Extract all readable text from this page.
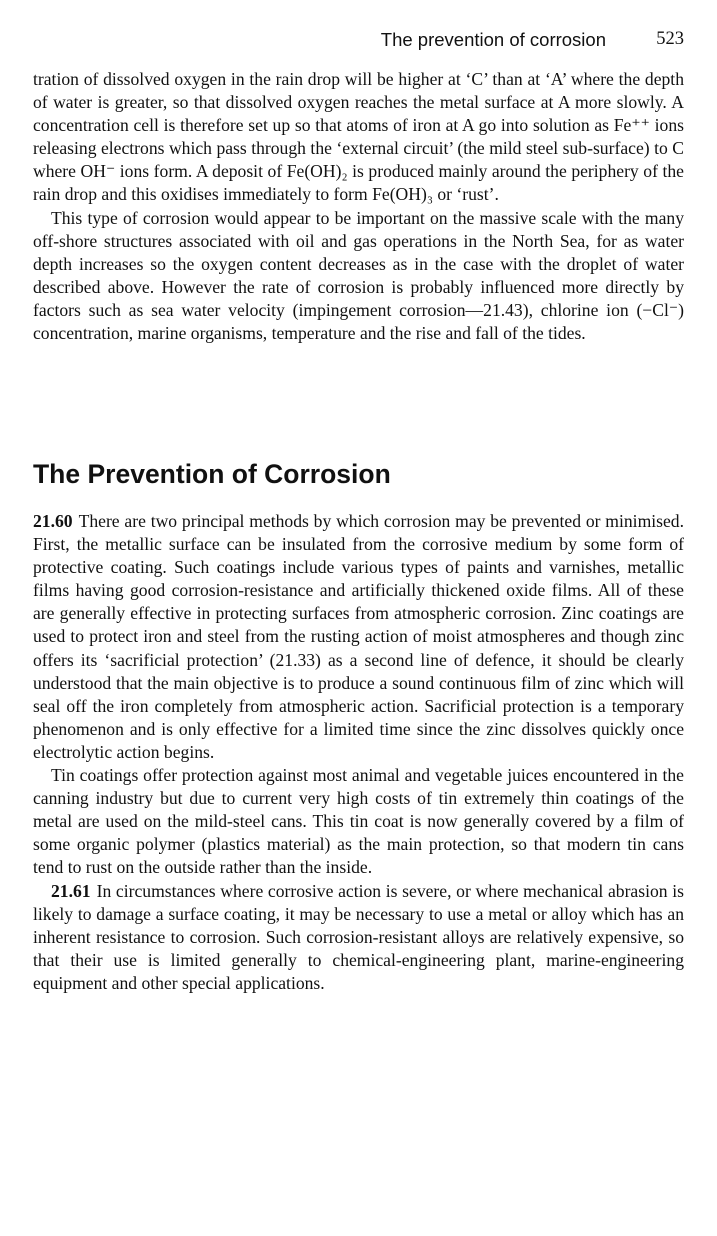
The prevention of corrosion	523

tration of dissolved oxygen in the rain drop will be higher at ‘C’ than at ‘A’ where the depth of water is greater, so that dissolved oxygen reaches the metal surface at A more slowly. A concentration cell is therefore set up so that atoms of iron at A go into solution as Fe⁺⁺ ions releasing electrons which pass through the ‘external circuit’ (the mild steel sub-surface) to C where OH⁻ ions form. A deposit of Fe(OH)₂ is produced mainly around the periphery of the rain drop and this oxidises immediately to form Fe(OH)₃ or ‘rust’.

This type of corrosion would appear to be important on the massive scale with the many off-shore structures associated with oil and gas operations in the North Sea, for as water depth increases so the oxygen content decreases as in the case with the droplet of water described above. However the rate of corrosion is probably influenced more directly by factors such as sea water velocity (impingement corrosion—21.43), chlorine ion (−Cl⁻) concentration, marine organisms, temperature and the rise and fall of the tides.

The Prevention of Corrosion

21.60 There are two principal methods by which corrosion may be prevented or minimised. First, the metallic surface can be insulated from the corrosive medium by some form of protective coating. Such coatings include various types of paints and varnishes, metallic films having good corrosion-resistance and artificially thickened oxide films. All of these are generally effective in protecting surfaces from atmospheric corrosion. Zinc coatings are used to protect iron and steel from the rusting action of moist atmospheres and though zinc offers its ‘sacrificial protection’ (21.33) as a second line of defence, it should be clearly understood that the main objective is to produce a sound continuous film of zinc which will seal off the iron completely from atmospheric action. Sacrificial protection is a temporary phenomenon and is only effective for a limited time since the zinc dissolves quickly once electrolytic action begins.

Tin coatings offer protection against most animal and vegetable juices encountered in the canning industry but due to current very high costs of tin extremely thin coatings of the metal are used on the mild-steel cans. This tin coat is now generally covered by a film of some organic polymer (plastics material) as the main protection, so that modern tin cans tend to rust on the outside rather than the inside.

21.61 In circumstances where corrosive action is severe, or where mechanical abrasion is likely to damage a surface coating, it may be necessary to use a metal or alloy which has an inherent resistance to corrosion. Such corrosion-resistant alloys are relatively expensive, so that their use is limited generally to chemical-engineering plant, marine-engineering equipment and other special applications.
